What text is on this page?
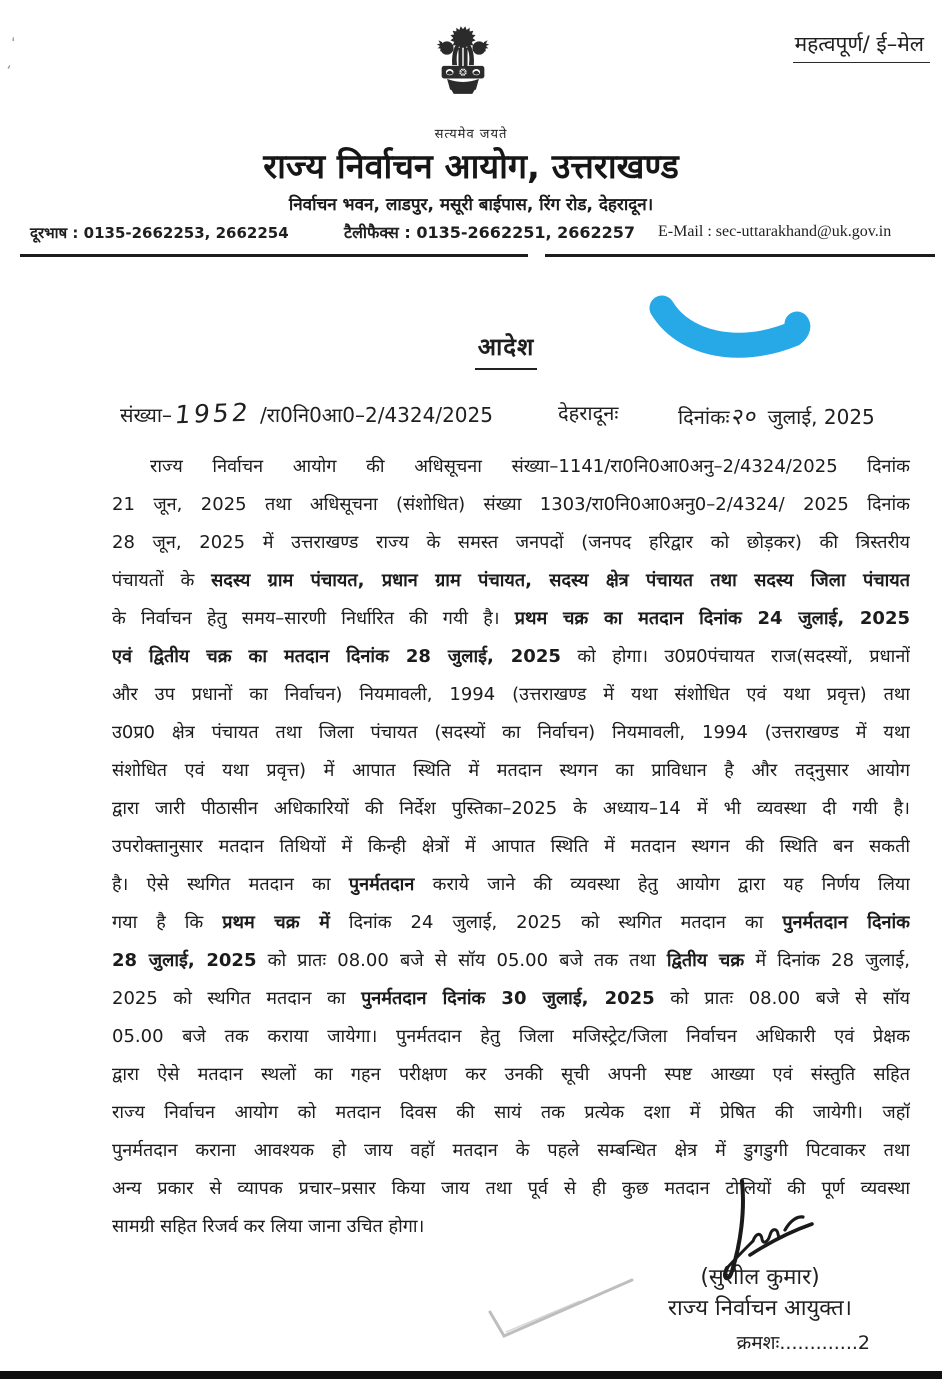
ʻ
ʻ
महत्वपूर्ण/ ई–मेल
सत्यमेव जयते
राज्य निर्वाचन आयोग, उत्तराखण्ड
निर्वाचन भवन, लाडपुर, मसूरी बाईपास, रिंग रोड, देहरादून।
दूरभाष : 0135-2662253, 2662254	टैलीफैक्स : 0135-2662251, 2662257 E-Mail : sec-uttarakhand@uk.gov.in
आदेश
संख्या–1952 /रा0नि0आ0–2/4324/2025	देहरादूनः	दिनांकः२० जुलाई, 2025
राज्य निर्वाचन आयोग की अधिसूचना संख्या–1141/रा0नि0आ0अनु–2/4324/2025 दिनांक
21 जून, 2025 तथा अधिसूचना (संशोधित) संख्या 1303/रा0नि0आ0अनु0–2/4324/ 2025 दिनांक
28 जून, 2025 में उत्तराखण्ड राज्य के समस्त जनपदों (जनपद हरिद्वार को छोड़कर) की त्रिस्तरीय
पंचायतों के सदस्य ग्राम पंचायत, प्रधान ग्राम पंचायत, सदस्य क्षेत्र पंचायत तथा सदस्य जिला पंचायत
के निर्वाचन हेतु समय–सारणी निर्धारित की गयी है। प्रथम चक्र का मतदान दिनांक 24 जुलाई, 2025
एवं द्वितीय चक्र का मतदान दिनांक 28 जुलाई, 2025 को होगा। उ0प्र0पंचायत राज(सदस्यों, प्रधानों
और उप प्रधानों का निर्वाचन) नियमावली, 1994 (उत्तराखण्ड में यथा संशोधित एवं यथा प्रवृत्त) तथा
उ0प्र0 क्षेत्र पंचायत तथा जिला पंचायत (सदस्यों का निर्वाचन) नियमावली, 1994 (उत्तराखण्ड में यथा
संशोधित एवं यथा प्रवृत्त) में आपात स्थिति में मतदान स्थगन का प्राविधान है और तद्नुसार आयोग
द्वारा जारी पीठासीन अधिकारियों की निर्देश पुस्तिका–2025 के अध्याय–14 में भी व्यवस्था दी गयी है।
उपरोक्तानुसार मतदान तिथियों में किन्ही क्षेत्रों में आपात स्थिति में मतदान स्थगन की स्थिति बन सकती
है। ऐसे स्थगित मतदान का पुनर्मतदान कराये जाने की व्यवस्था हेतु आयोग द्वारा यह निर्णय लिया
गया है कि प्रथम चक्र में दिनांक 24 जुलाई, 2025 को स्थगित मतदान का पुनर्मतदान दिनांक
28 जुलाई, 2025 को प्रातः 08.00 बजे से सॉय 05.00 बजे तक तथा द्वितीय चक्र में दिनांक 28 जुलाई,
2025 को स्थगित मतदान का पुनर्मतदान दिनांक 30 जुलाई, 2025 को प्रातः 08.00 बजे से सॉय
05.00 बजे तक कराया जायेगा। पुनर्मतदान हेतु जिला मजिस्ट्रेट/जिला निर्वाचन अधिकारी एवं प्रेक्षक
द्वारा ऐसे मतदान स्थलों का गहन परीक्षण कर उनकी सूची अपनी स्पष्ट आख्या एवं संस्तुति सहित
राज्य निर्वाचन आयोग को मतदान दिवस की सायं तक प्रत्येक दशा में प्रेषित की जायेगी। जहॉ
पुनर्मतदान कराना आवश्यक हो जाय वहॉ मतदान के पहले सम्बन्धित क्षेत्र में डुगडुगी पिटवाकर तथा
अन्य प्रकार से व्यापक प्रचार–प्रसार किया जाय तथा पूर्व से ही कुछ मतदान टोलियों की पूर्ण व्यवस्था
सामग्री सहित रिजर्व कर लिया जाना उचित होगा।
(सुशील कुमार)
राज्य निर्वाचन आयुक्त।
क्रमशः.............2
